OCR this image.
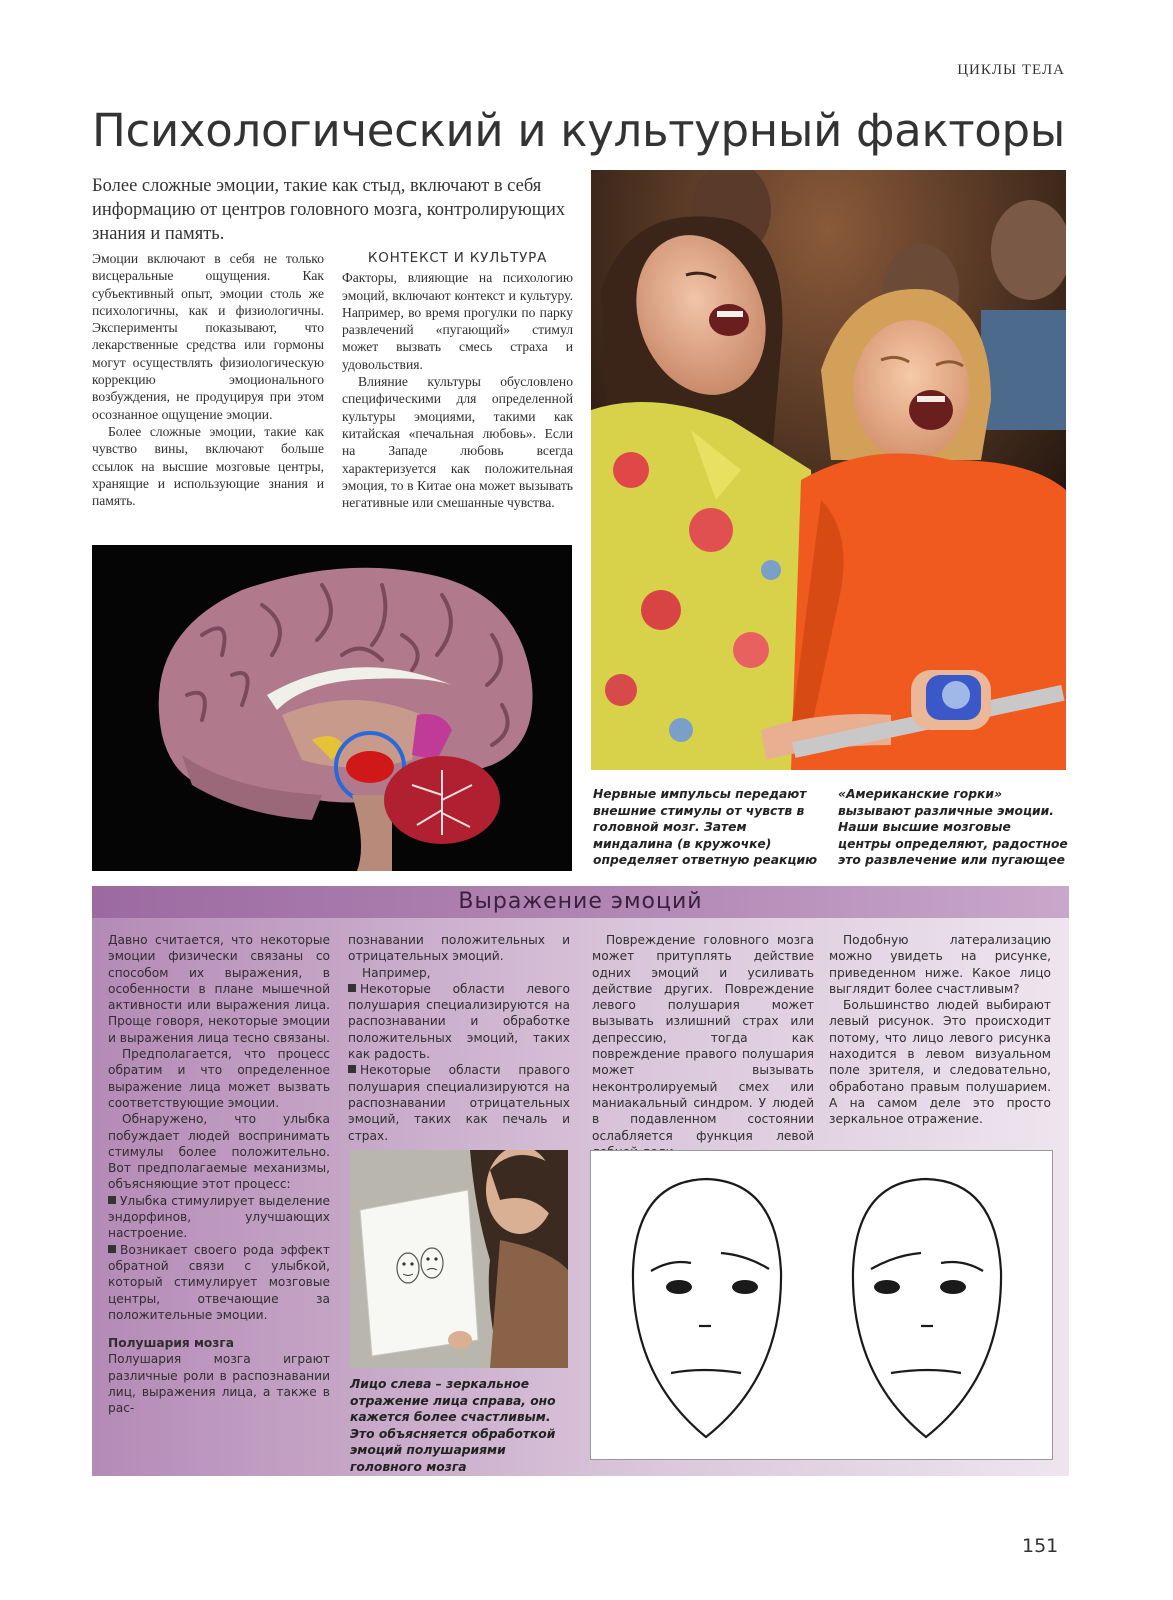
ЦИКЛЫ ТЕЛА
Психологический и культурный факторы
Более сложные эмоции, такие как стыд, включают в себя информацию от центров головного мозга, контролирующих знания и память.

Эмоции включают в себя не только висцеральные ощущения. Как субъективный опыт, эмоции столь же психологичны, как и физиологичны. Эксперименты показывают, что лекарственные средства или гормоны могут осуществлять физиологическую коррекцию эмоционального возбуждения, не продуцируя при этом осознанное ощущение эмоции.

Более сложные эмоции, такие как чувство вины, включают больше ссылок на высшие мозговые центры, хранящие и использующие знания и память.

КОНТЕКСТ И КУЛЬТУРА

Факторы, влияющие на психологию эмоций, включают контекст и культуру. Например, во время прогулки по парку развлечений «пугающий» стимул может вызвать смесь страха и удовольствия.

Влияние культуры обусловлено специфическими для определенной культуры эмоциями, такими как китайская «печальная любовь». Если на Западе любовь всегда характеризуется как положительная эмоция, то в Китае она может вызывать негативные или смешанные чувства.

Нервные импульсы передают внешние стимулы от чувств в головной мозг. Затем миндалина (в кружочке) определяет ответную реакцию
«Американские горки» вызывают различные эмоции. Наши высшие мозговые центры определяют, радостное это развлечение или пугающее
Выражение эмоций

Давно считается, что некоторые эмоции физически связаны со способом их выражения, в особенности в плане мышечной активности или выражения лица. Проще говоря, некоторые эмоции и выражения лица тесно связаны.

Предполагается, что процесс обратим и что определенное выражение лица может вызвать соответствующие эмоции.

Обнаружено, что улыбка побуждает людей воспринимать стимулы более положительно. Вот предполагаемые механизмы, объясняющие этот процесс:

Улыбка стимулирует выделение эндорфинов, улучшающих настроение.

Возникает своего рода эффект обратной связи с улыбкой, который стимулирует мозговые центры, отвечающие за положительные эмоции.

Полушария мозга

Полушария мозга играют различные роли в распознавании лиц, выражения лица, а также в рас-

познавании положительных и отрицательных эмоций.

Например,

Некоторые области левого полушария специализируются на распознавании и обработке положительных эмоций, таких как радость.

Некоторые области правого полушария специализируются на распознавании отрицательных эмоций, таких как печаль и страх.

Повреждение головного мозга может притуплять действие одних эмоций и усиливать действие других. Повреждение левого полушария может вызывать излишний страх или депрессию, тогда как повреждение правого полушария может вызывать неконтролируемый смех или маниакальный синдром. У людей в подавленном состоянии ослабляется функция левой

Подобную латерализацию можно увидеть на рисунке, приведенном ниже. Какое лицо выглядит более счастливым?

Большинство людей выбирают левый рисунок. Это происходит потому, что лицо левого рисунка находится в левом визуальном поле зрителя, и следовательно, обработано правым полушарием. А на самом деле это просто зеркальное отражение.

Лицо слева – зеркальное отражение лица справа, оно кажется более счастливым. Это объясняется обработкой эмоций полушариями головного мозга
151
